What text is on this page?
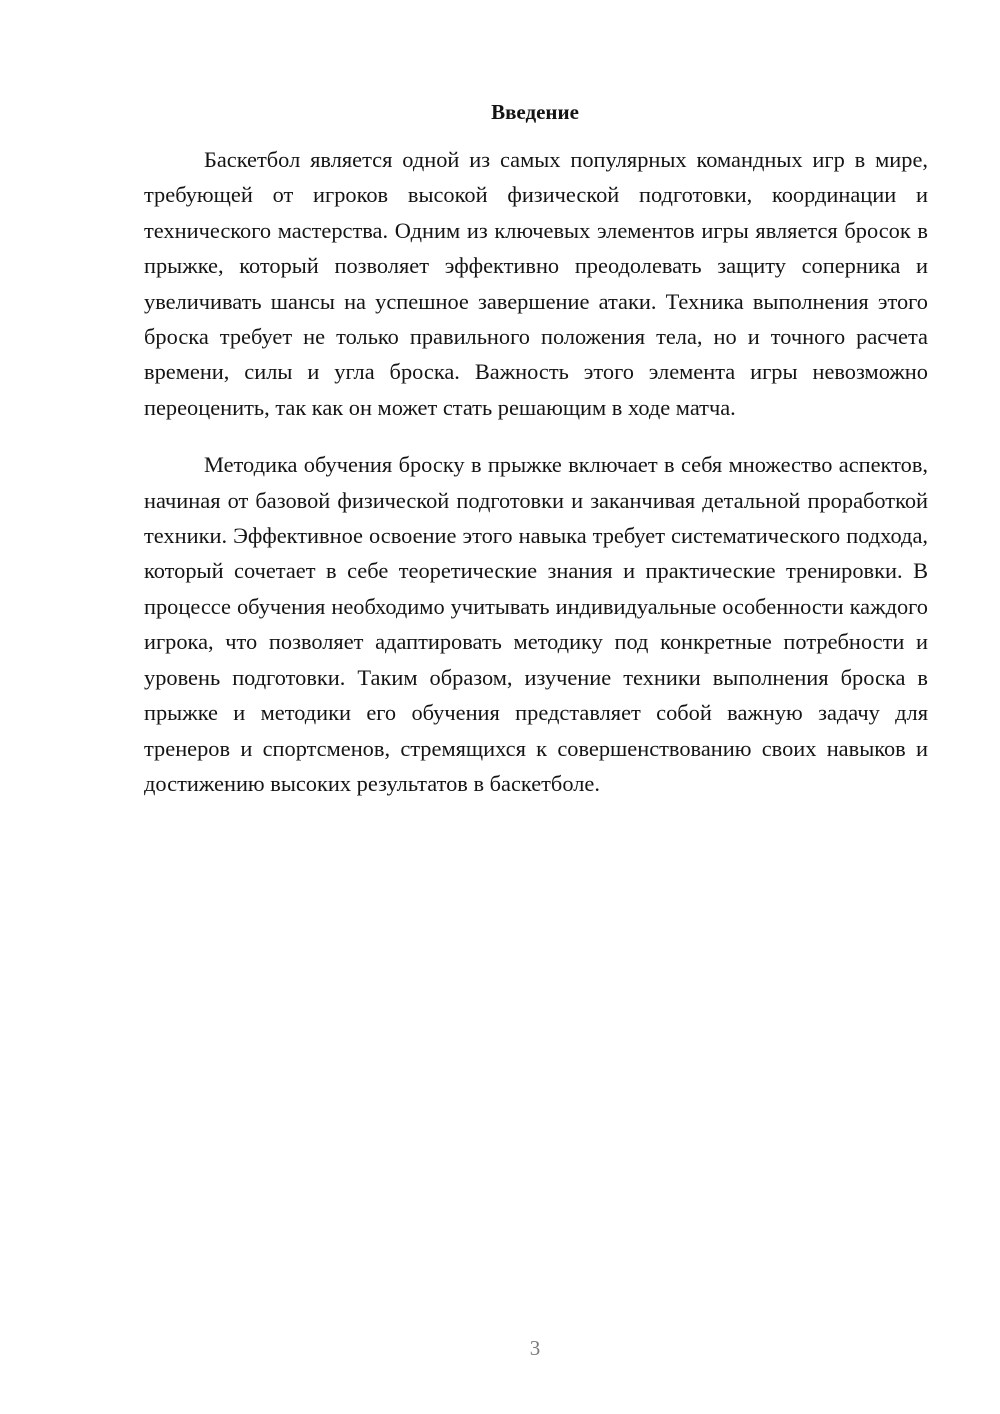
Введение

Баскетбол является одной из самых популярных командных игр в мире, требующей от игроков высокой физической подготовки, координации и технического мастерства. Одним из ключевых элементов игры является бросок в прыжке, который позволяет эффективно преодолевать защиту соперника и увеличивать шансы на успешное завершение атаки. Техника выполнения этого броска требует не только правильного положения тела, но и точного расчета времени, силы и угла броска. Важность этого элемента игры невозможно переоценить, так как он может стать решающим в ходе матча.

Методика обучения броску в прыжке включает в себя множество аспектов, начиная от базовой физической подготовки и заканчивая детальной проработкой техники. Эффективное освоение этого навыка требует систематического подхода, который сочетает в себе теоретические знания и практические тренировки. В процессе обучения необходимо учитывать индивидуальные особенности каждого игрока, что позволяет адаптировать методику под конкретные потребности и уровень подготовки. Таким образом, изучение техники выполнения броска в прыжке и методики его обучения представляет собой важную задачу для тренеров и спортсменов, стремящихся к совершенствованию своих навыков и достижению высоких результатов в баскетболе.

3
